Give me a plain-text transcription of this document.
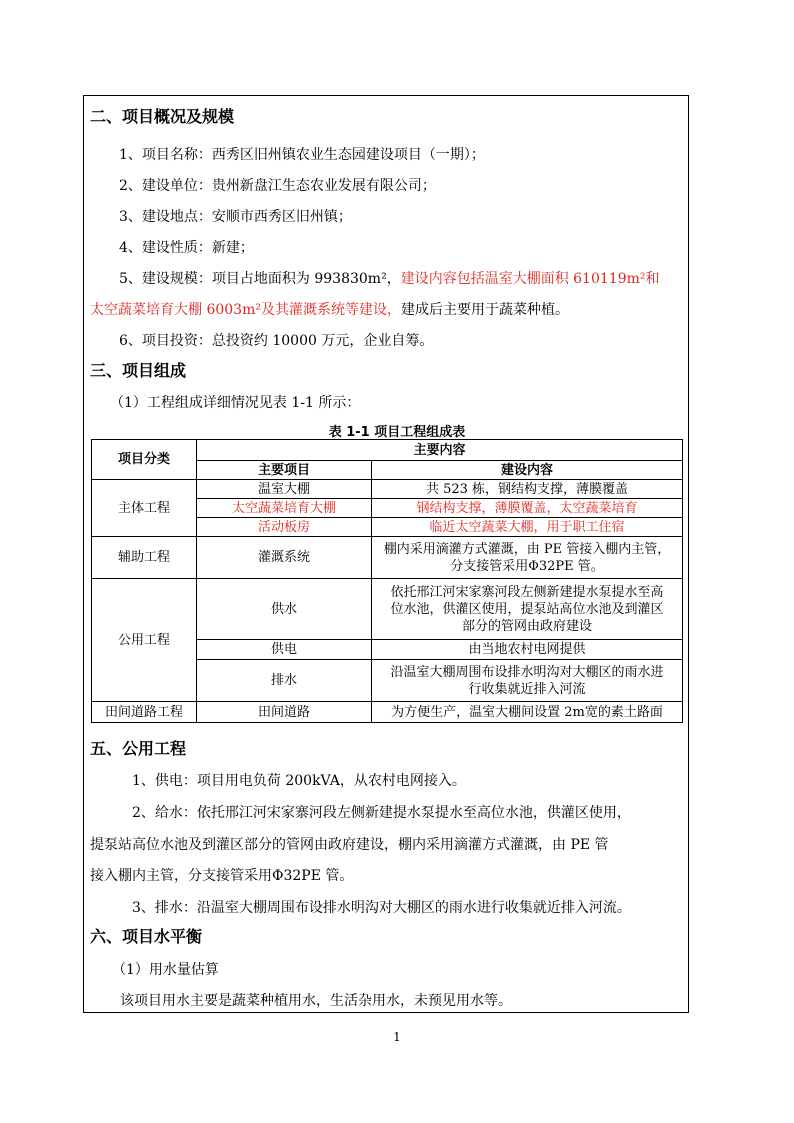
二、项目概况及规模
1、项目名称：西秀区旧州镇农业生态园建设项目（一期）；
2、建设单位：贵州新盘江生态农业发展有限公司；
3、建设地点：安顺市西秀区旧州镇；
4、建设性质：新建；
5、建设规模：项目占地面积为 993830m²，建设内容包括温室大棚面积 610119m²和
太空蔬菜培育大棚 6003m²及其灌溉系统等建设，建成后主要用于蔬菜种植。
6、项目投资：总投资约 10000 万元，企业自筹。
三、项目组成
（1）工程组成详细情况见表 1-1 所示：
表 1-1 项目工程组成表
项目分类	主要内容	
	主要项目	建设内容
主体工程	温室大棚	共 523 栋，钢结构支撑，薄膜覆盖
	太空蔬菜培育大棚	钢结构支撑，薄膜覆盖，太空蔬菜培育
	活动板房	临近太空蔬菜大棚，用于职工住宿
辅助工程	灌溉系统	棚内采用滴灌方式灌溉，由 PE 管接入棚内主管，
分支接管采用Φ32PE 管。

公用工程	供水	依托邢江河宋家寨河段左侧新建提水泵提水至高
位水池，供灌区使用，提泵站高位水池及到灌区
部分的管网由政府建设

	供电	由当地农村电网提供
	排水	沿温室大棚周围布设排水明沟对大棚区的雨水进
行收集就近排入河流

田间道路工程	田间道路	为方便生产，温室大棚间设置 2m宽的素土路面
五、公用工程
1、供电：项目用电负荷 200kVA，从农村电网接入。
2、给水：依托邢江河宋家寨河段左侧新建提水泵提水至高位水池，供灌区使用，
提泵站高位水池及到灌区部分的管网由政府建设，棚内采用滴灌方式灌溉，由 PE 管
接入棚内主管，分支接管采用Φ32PE 管。
3、排水：沿温室大棚周围布设排水明沟对大棚区的雨水进行收集就近排入河流。
六、项目水平衡
（1）用水量估算
该项目用水主要是蔬菜种植用水，生活杂用水，未预见用水等。
1
